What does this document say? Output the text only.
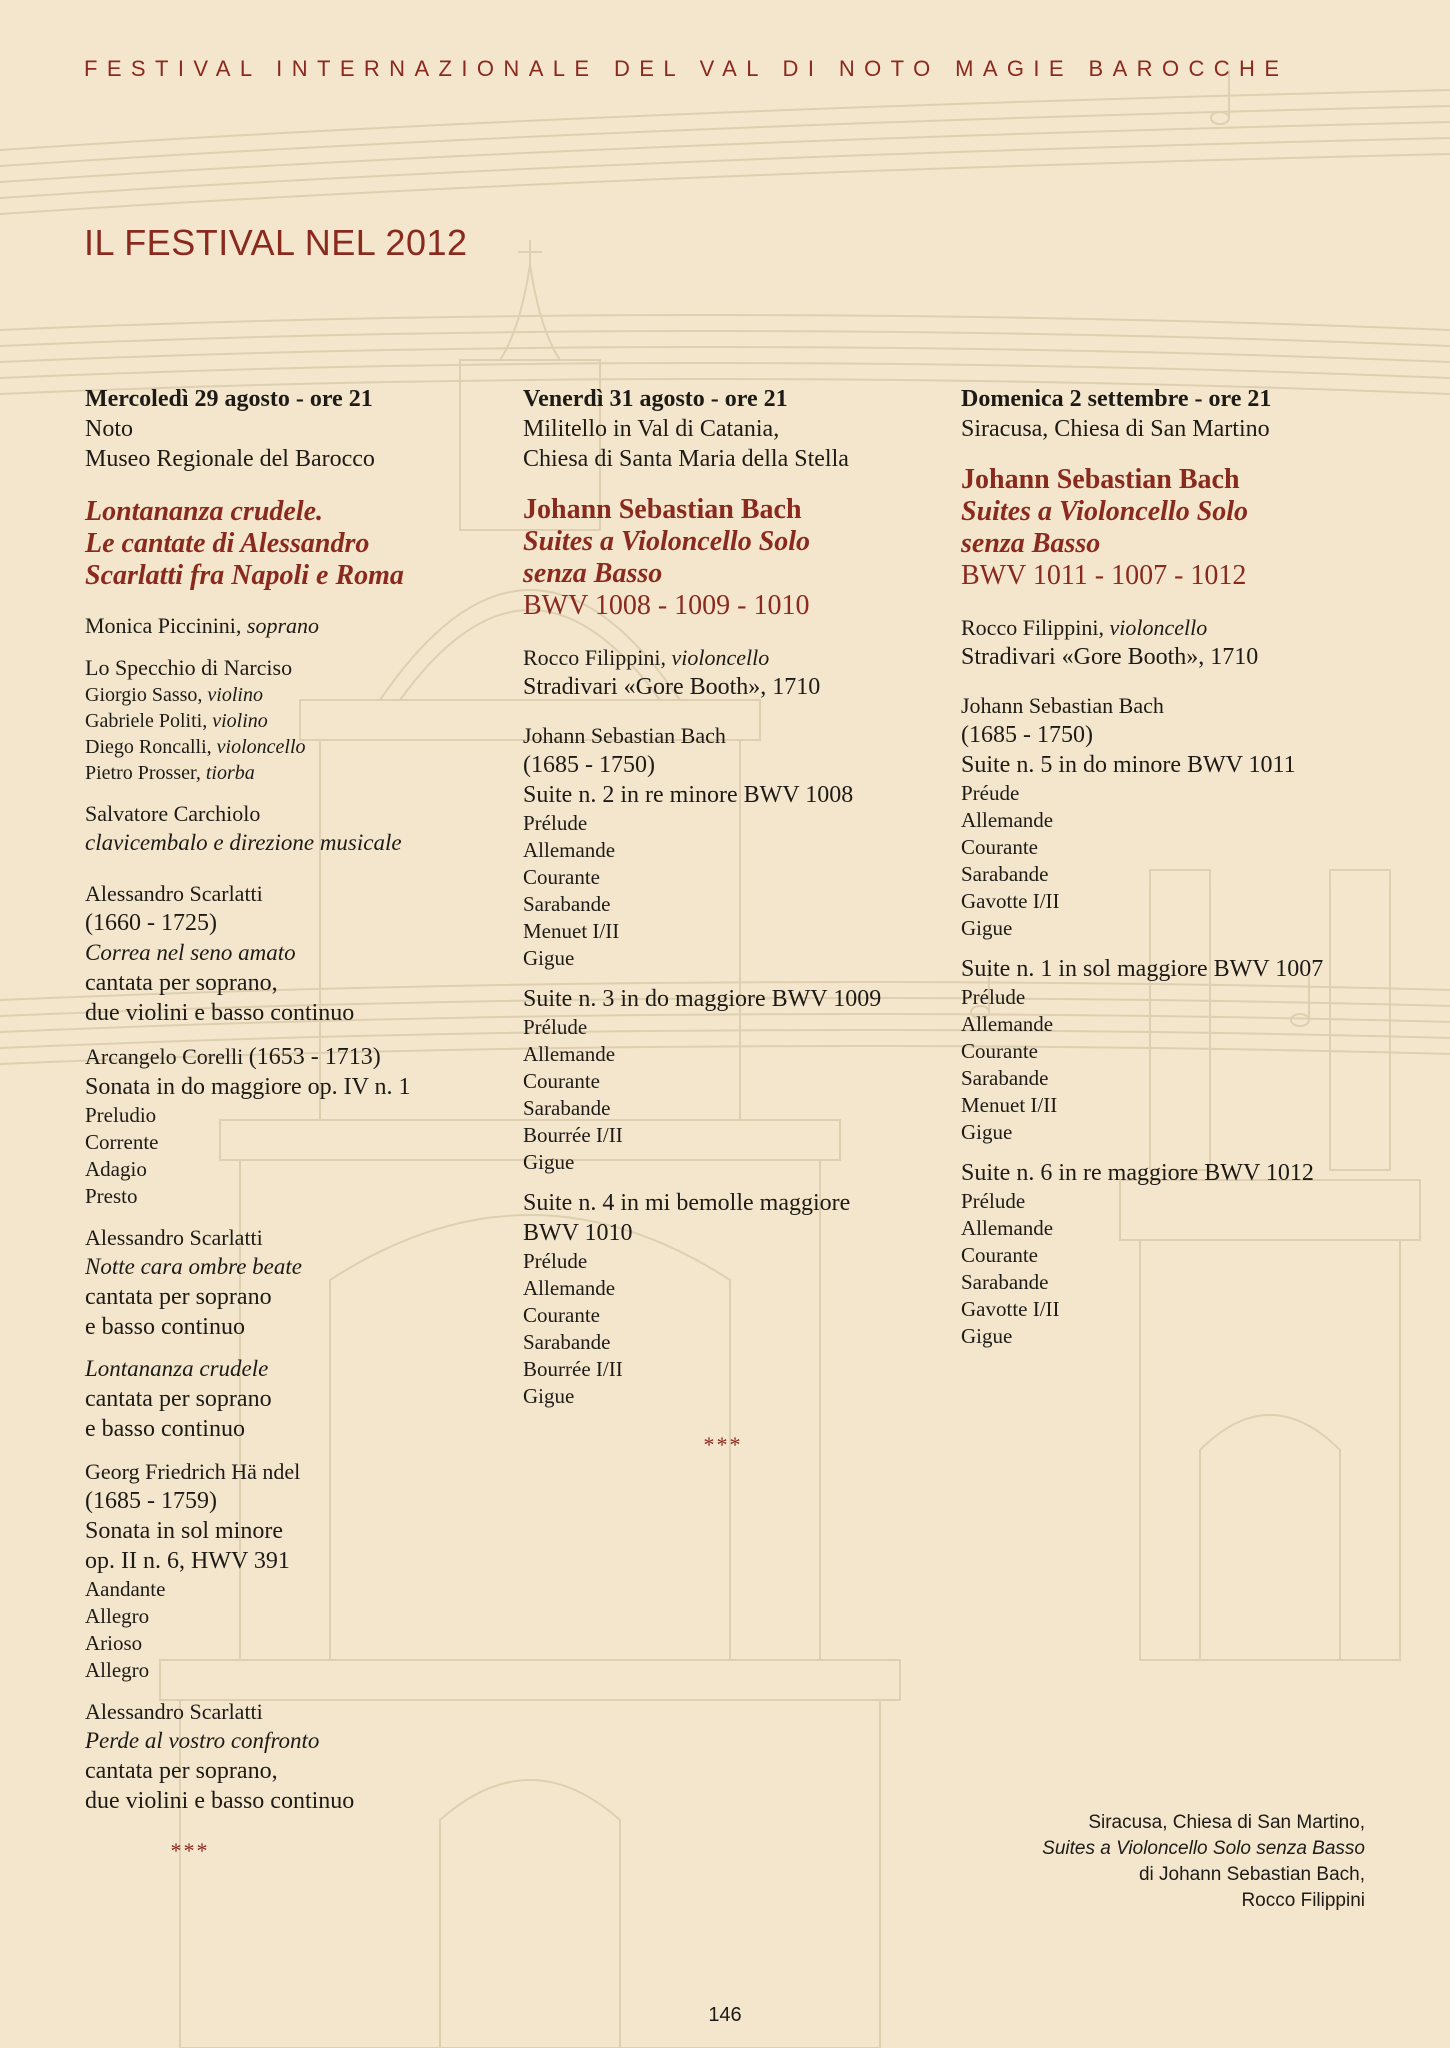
FESTIVAL INTERNAZIONALE DEL VAL DI NOTO MAGIE BAROCCHE
IL FESTIVAL NEL 2012
Mercoledì 29 agosto - ore 21
Noto
Museo Regionale del Barocco
Lontananza crudele.
Le cantate di Alessandro
Scarlatti fra Napoli e Roma
Monica Piccinini, soprano
Lo Specchio di Narciso
Giorgio Sasso, violino
Gabriele Politi, violino
Diego Roncalli, violoncello
Pietro Prosser, tiorba
Salvatore Carchiolo
clavicembalo e direzione musicale
Alessandro Scarlatti
(1660 - 1725)
Correa nel seno amato
cantata per soprano,
due violini e basso continuo
Arcangelo Corelli (1653 - 1713)
Sonata in do maggiore op. IV n. 1
Preludio
Corrente
Adagio
Presto
Alessandro Scarlatti
Notte cara ombre beate
cantata per soprano
e basso continuo
Lontananza crudele
cantata per soprano
e basso continuo
Georg Friedrich Hä ndel
(1685 - 1759)
Sonata in sol minore
op. II n. 6, HWV 391
Aandante
Allegro
Arioso
Allegro
Alessandro Scarlatti
Perde al vostro confronto
cantata per soprano,
due violini e basso continuo
***
Venerdì 31 agosto - ore 21
Militello in Val di Catania,
Chiesa di Santa Maria della Stella
Johann Sebastian Bach
Suites a Violoncello Solo
senza Basso
BWV 1008 - 1009 - 1010
Rocco Filippini, violoncello
Stradivari «Gore Booth», 1710
Johann Sebastian Bach
(1685 - 1750)
Suite n. 2 in re minore BWV 1008
Prélude
Allemande
Courante
Sarabande
Menuet I/II
Gigue
Suite n. 3 in do maggiore BWV 1009
Prélude
Allemande
Courante
Sarabande
Bourrée I/II
Gigue
Suite n. 4 in mi bemolle maggiore
BWV 1010
Prélude
Allemande
Courante
Sarabande
Bourrée I/II
Gigue
***
Domenica 2 settembre - ore 21
Siracusa, Chiesa di San Martino
Johann Sebastian Bach
Suites a Violoncello Solo
senza Basso
BWV 1011 - 1007 - 1012
Rocco Filippini, violoncello
Stradivari «Gore Booth», 1710
Johann Sebastian Bach
(1685 - 1750)
Suite n. 5 in do minore BWV 1011
Préude
Allemande
Courante
Sarabande
Gavotte I/II
Gigue
Suite n. 1 in sol maggiore BWV 1007
Prélude
Allemande
Courante
Sarabande
Menuet I/II
Gigue
Suite n. 6 in re maggiore BWV 1012
Prélude
Allemande
Courante
Sarabande
Gavotte I/II
Gigue
Siracusa, Chiesa di San Martino,
Suites a Violoncello Solo senza Basso
di Johann Sebastian Bach,
Rocco Filippini
146
